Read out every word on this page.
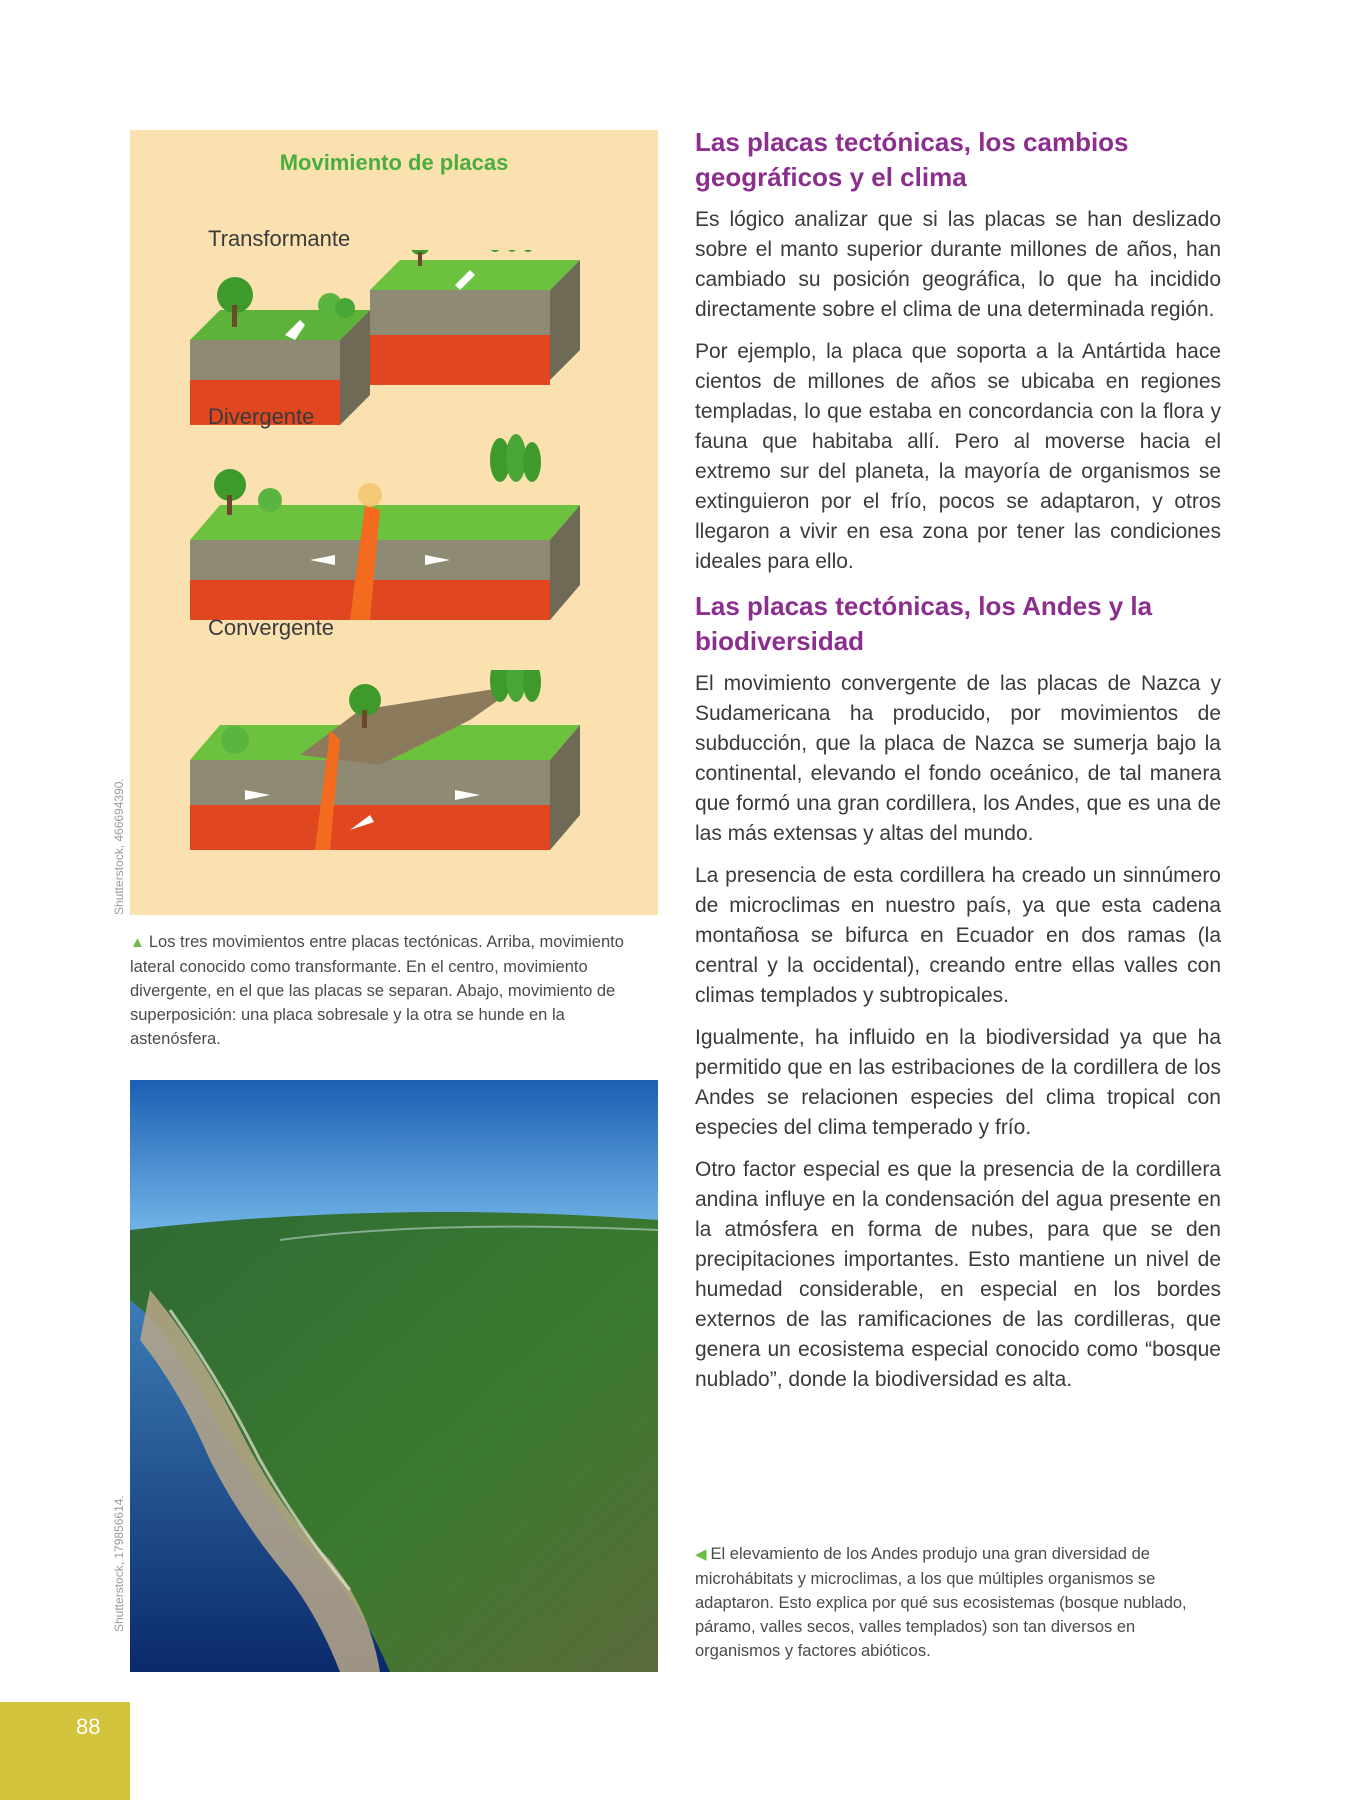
Movimiento de placas
Transformante
Divergente
Convergente
Shutterstock, 466694390.
▲ Los tres movimientos entre placas tectónicas. Arriba, movimiento lateral conocido como transformante. En el centro, movimiento divergente, en el que las placas se separan. Abajo, movimiento de superposición: una placa sobresale y la otra se hunde en la astenósfera.
Shutterstock, 179856614.
Las placas tectónicas, los cambios geográficos y el clima

Es lógico analizar que si las placas se han deslizado sobre el manto superior durante millones de años, han cambiado su posición geográfica, lo que ha incidido directamente sobre el clima de una determinada región.

Por ejemplo, la placa que soporta a la Antártida hace cientos de millones de años se ubicaba en regiones templadas, lo que estaba en concordancia con la flora y fauna que habitaba allí. Pero al moverse hacia el extremo sur del planeta, la mayoría de organismos se extinguieron por el frío, pocos se adaptaron, y otros llegaron a vivir en esa zona por tener las condiciones ideales para ello.

Las placas tectónicas, los Andes y la biodiversidad

El movimiento convergente de las placas de Nazca y Sudamericana ha producido, por movimientos de subducción, que la placa de Nazca se sumerja bajo la continental, elevando el fondo oceánico, de tal manera que formó una gran cordillera, los Andes, que es una de las más extensas y altas del mundo.

La presencia de esta cordillera ha creado un sinnúmero de microclimas en nuestro país, ya que esta cadena montañosa se bifurca en Ecuador en dos ramas (la central y la occidental), creando entre ellas valles con climas templados y subtropicales.

Igualmente, ha influido en la biodiversidad ya que ha permitido que en las estribaciones de la cordillera de los Andes se relacionen especies del clima tropical con especies del clima temperado y frío.

Otro factor especial es que la presencia de la cordillera andina influye en la condensación del agua presente en la atmósfera en forma de nubes, para que se den precipitaciones importantes. Esto mantiene un nivel de humedad considerable, en especial en los bordes externos de las ramificaciones de las cordilleras, que genera un ecosistema especial conocido como “bosque nublado”, donde la biodiversidad es alta.

◀ El elevamiento de los Andes produjo una gran diversidad de microhábitats y microclimas, a los que múltiples organismos se adaptaron. Esto explica por qué sus ecosistemas (bosque nublado, páramo, valles secos, valles templados) son tan diversos en organismos y factores abióticos.
88
